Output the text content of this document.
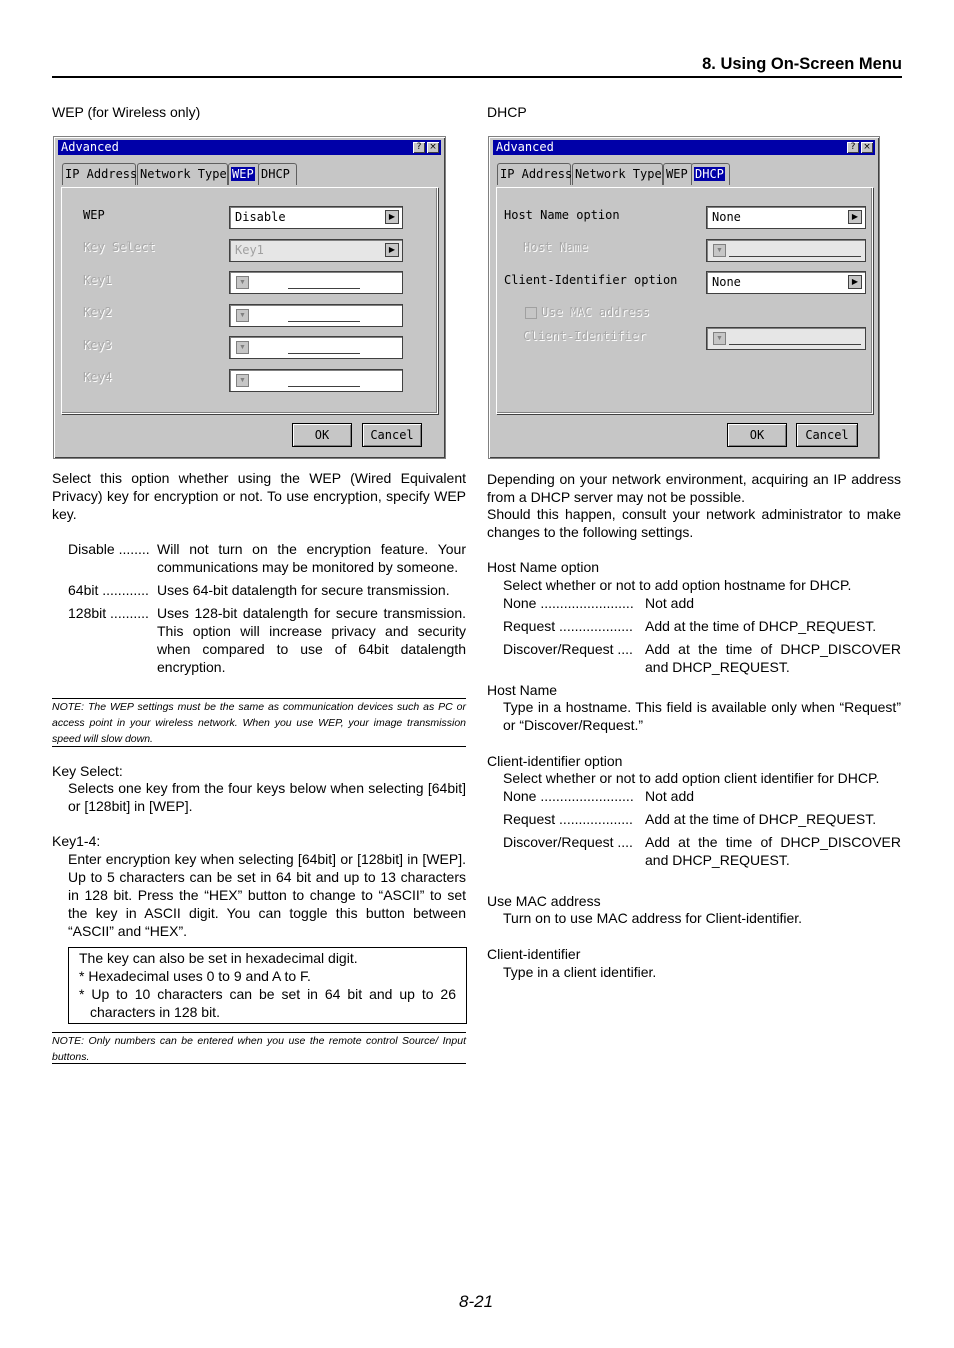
8. Using On-Screen Menu
WEP (for Wireless only)
Advanced	? ×
IP Address Network Type WEP DHCP
WEP	Disable	▶
Key Select	Key1	▶
Key1	▼
Key2	▼
Key3	▼
Key4	▼
OK	Cancel
Select this option whether using the WEP (Wired Equivalent Privacy) key for encryption or not. To use encryption, specify WEP key.
Disable ........ Will not turn on the encryption feature. Your communications may be monitored by someone.
64bit ............ Uses 64-bit datalength for secure transmission.
128bit .......... Uses 128-bit datalength for secure transmission. This option will increase privacy and security when compared to use of 64bit datalength encryption.
NOTE: The WEP settings must be the same as communication devices such as PC or access point in your wireless network. When you use WEP, your image transmission speed will slow down.
Key Select:
Selects one key from the four keys below when selecting [64bit] or [128bit] in [WEP].
Key1-4:
Enter encryption key when selecting [64bit] or [128bit] in [WEP]. Up to 5 characters can be set in 64 bit and up to 13 characters in 128 bit. Press the “HEX” button to change to “ASCII” to set the key in ASCII digit. You can toggle this button between “ASCII” and “HEX”.
The key can also be set in hexadecimal digit.
* Hexadecimal uses 0 to 9 and A to F.
* Up to 10 characters can be set in 64 bit and up to 26 characters in 128 bit.
NOTE: Only numbers can be entered when you use the remote control Source/ Input buttons.
DHCP
Advanced	? ×
IP Address Network Type WEP DHCP
Host Name option	None	▶
Host Name	▼
Client-Identifier option	None	▶
Use MAC address
Client-Identifier	▼
OK	Cancel
Depending on your network environment, acquiring an IP address from a DHCP server may not be possible.
Should this happen, consult your network administrator to make changes to the following settings.
Host Name option
Select whether or not to add option hostname for DHCP.
None ........................ Not add
Request ................... Add at the time of DHCP_REQUEST.
Discover/Request .... Add at the time of DHCP_DISCOVER and DHCP_REQUEST.
Host Name
Type in a hostname. This field is available only when “Request” or “Discover/Request.”
Client-identifier option
Select whether or not to add option client identifier for DHCP.
None ........................ Not add
Request ................... Add at the time of DHCP_REQUEST.
Discover/Request .... Add at the time of DHCP_DISCOVER and DHCP_REQUEST.
Use MAC address
Turn on to use MAC address for Client-identifier.
Client-identifier
Type in a client identifier.
8-21
